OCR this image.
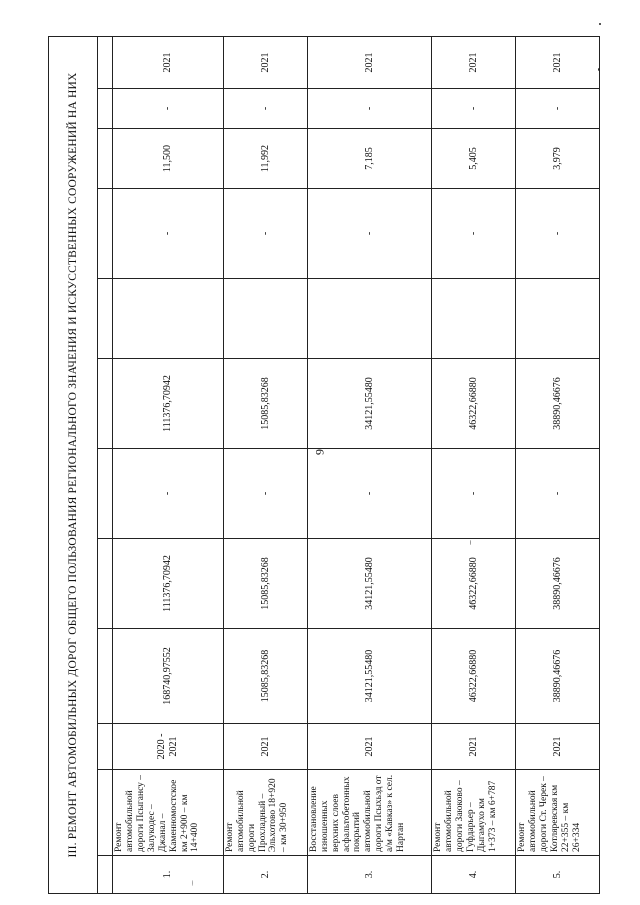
9
III. РЕМОНТ АВТОМОБИЛЬНЫХ ДОРОГ ОБЩЕГО ПОЛЬЗОВАНИЯ РЕГИОНАЛЬНОГО ЗНАЧЕНИЯ И ИСКУССТВЕННЫХ СООРУЖЕНИЙ НА НИХ											

1.	Ремонт автомобильной дороги Псыгансу – Залукодес – Джанал – Каменномостское км 2+900 – км 14+400	2020 - 2021	168740,97552	111376,70942	-	111376,70942		-	11,500	-	2021
2.	Ремонт автомобильной дороги Прохладный – Эльхотово 18+920 – км 30+950	2021	15085,83268	15085,83268	-	15085,83268		-	11,992	-	2021
3.	Восстановление изношенных верхних слоев асфальтобетонных покрытий автомобильной дороги Псыхьэд от а/м «Кавказ» к сел. Нартан	2021	34121,55480	34121,55480	-	34121,55480		-	7,185	-	2021
4.	Ремонт автомобильной дороги Заюково – Гуфдарьер – Дыгамухо км 1+373 – км 6+787	2021	46322,66880	46322,66880	-	46322,66880		-	5,405	-	2021
5.	Ремонт автомобильной дороги Ст. Черек – Котляревская км 22+355 – км 26+334	2021	38890,46676	38890,46676	-	38890,46676		-	3,979	-	2021
